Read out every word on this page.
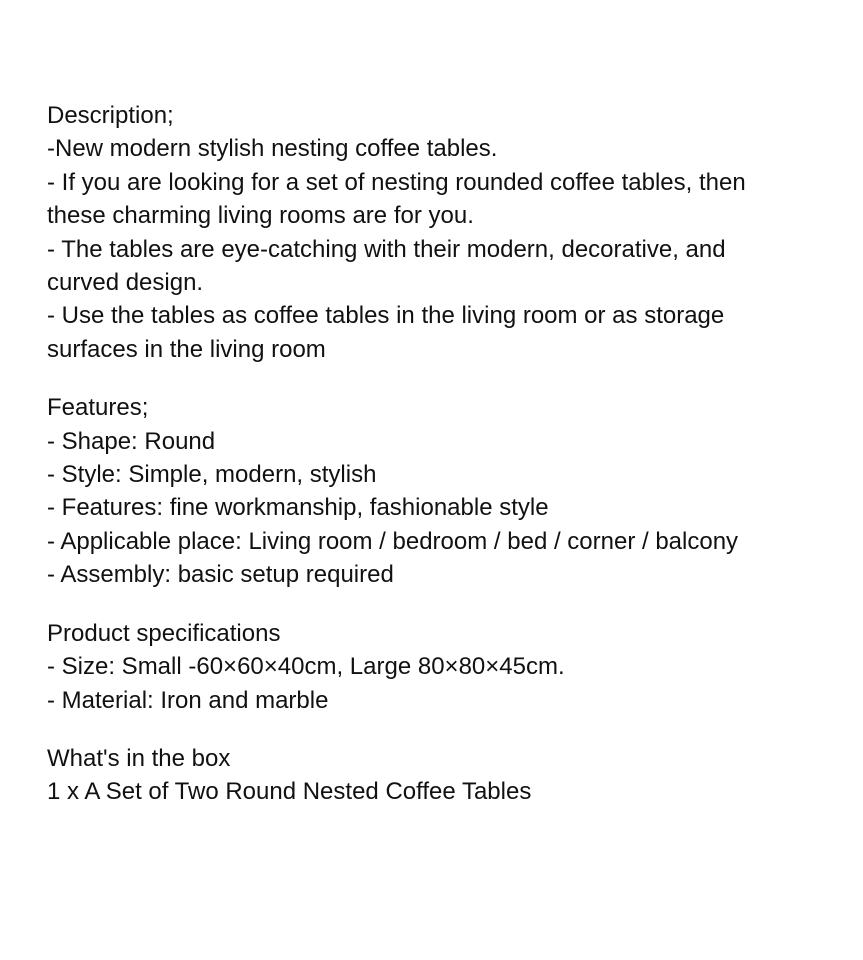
Description;
-New modern stylish nesting coffee tables.
- If you are looking for a set of nesting rounded coffee tables, then
these charming living rooms are for you.
- The tables are eye-catching with their modern, decorative, and
curved design.
- Use the tables as coffee tables in the living room or as storage
surfaces in the living room
Features;
- Shape: Round
- Style: Simple, modern, stylish
- Features: fine workmanship, fashionable style
- Applicable place: Living room / bedroom / bed / corner / balcony
- Assembly: basic setup required
Product specifications
- Size: Small -60×60×40cm, Large 80×80×45cm.
- Material: Iron and marble
What's in the box
1 x A Set of Two Round Nested Coffee Tables
